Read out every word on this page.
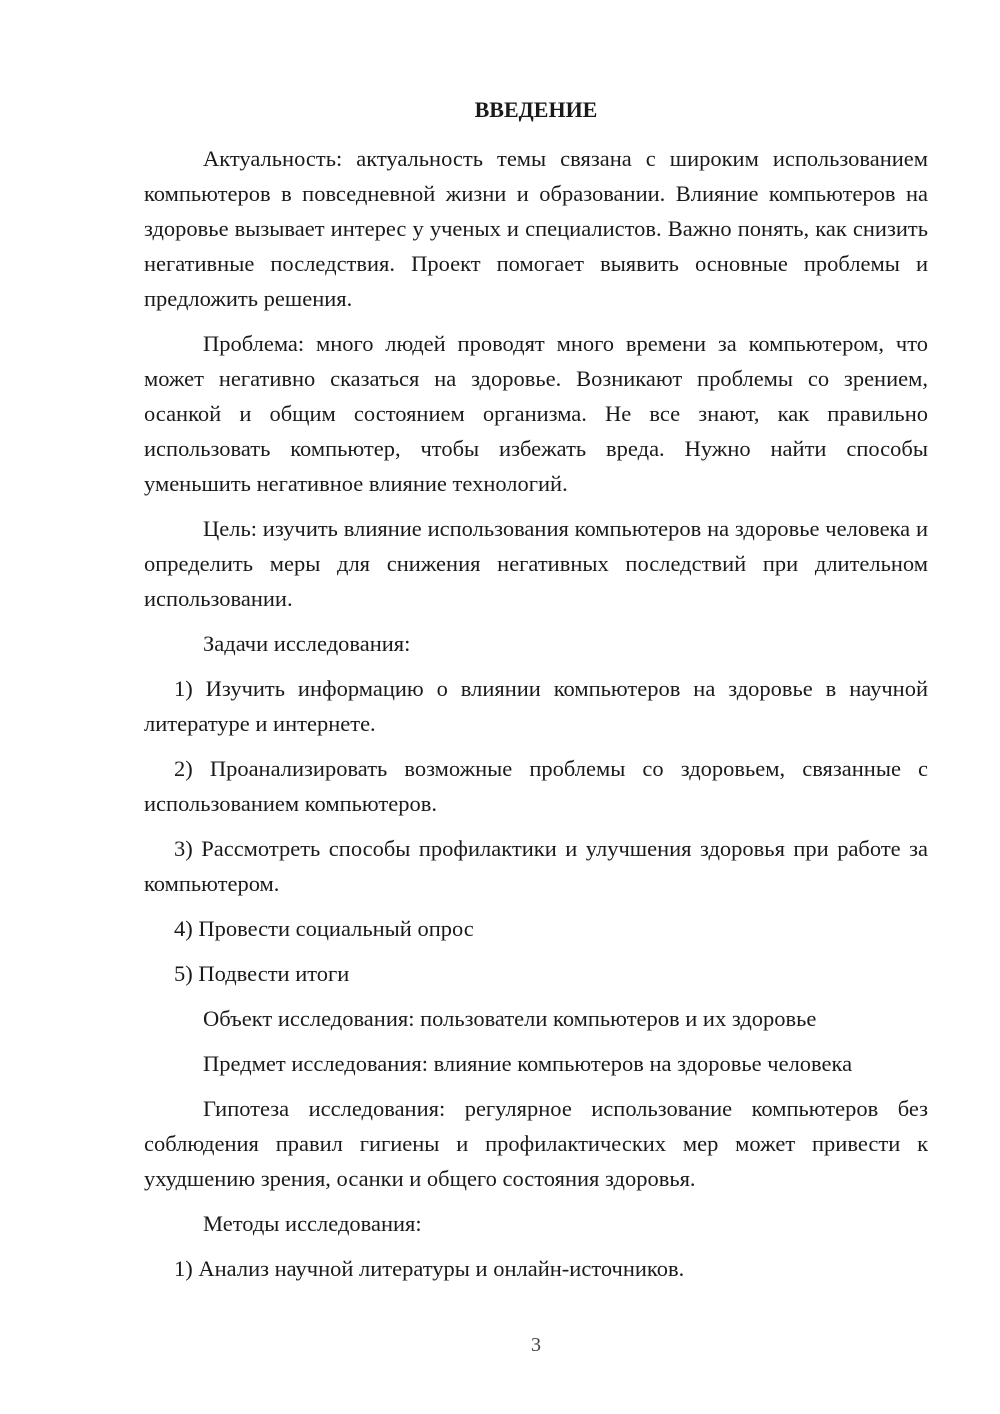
ВВЕДЕНИЕ

Актуальность: актуальность темы связана с широким использованием компьютеров в повседневной жизни и образовании. Влияние компьютеров на здоровье вызывает интерес у ученых и специалистов. Важно понять, как снизить негативные последствия. Проект помогает выявить основные проблемы и предложить решения.

Проблема: много людей проводят много времени за компьютером, что может негативно сказаться на здоровье. Возникают проблемы со зрением, осанкой и общим состоянием организма. Не все знают, как правильно использовать компьютер, чтобы избежать вреда. Нужно найти способы уменьшить негативное влияние технологий.

Цель: изучить влияние использования компьютеров на здоровье человека и определить меры для снижения негативных последствий при длительном использовании.

Задачи исследования:

1) Изучить информацию о влиянии компьютеров на здоровье в научной литературе и интернете.

2) Проанализировать возможные проблемы со здоровьем, связанные с использованием компьютеров.

3) Рассмотреть способы профилактики и улучшения здоровья при работе за компьютером.

4) Провести социальный опрос

5) Подвести итоги

Объект исследования: пользователи компьютеров и их здоровье

Предмет исследования: влияние компьютеров на здоровье человека

Гипотеза исследования: регулярное использование компьютеров без соблюдения правил гигиены и профилактических мер может привести к ухудшению зрения, осанки и общего состояния здоровья.

Методы исследования:

1) Анализ научной литературы и онлайн-источников.

3
